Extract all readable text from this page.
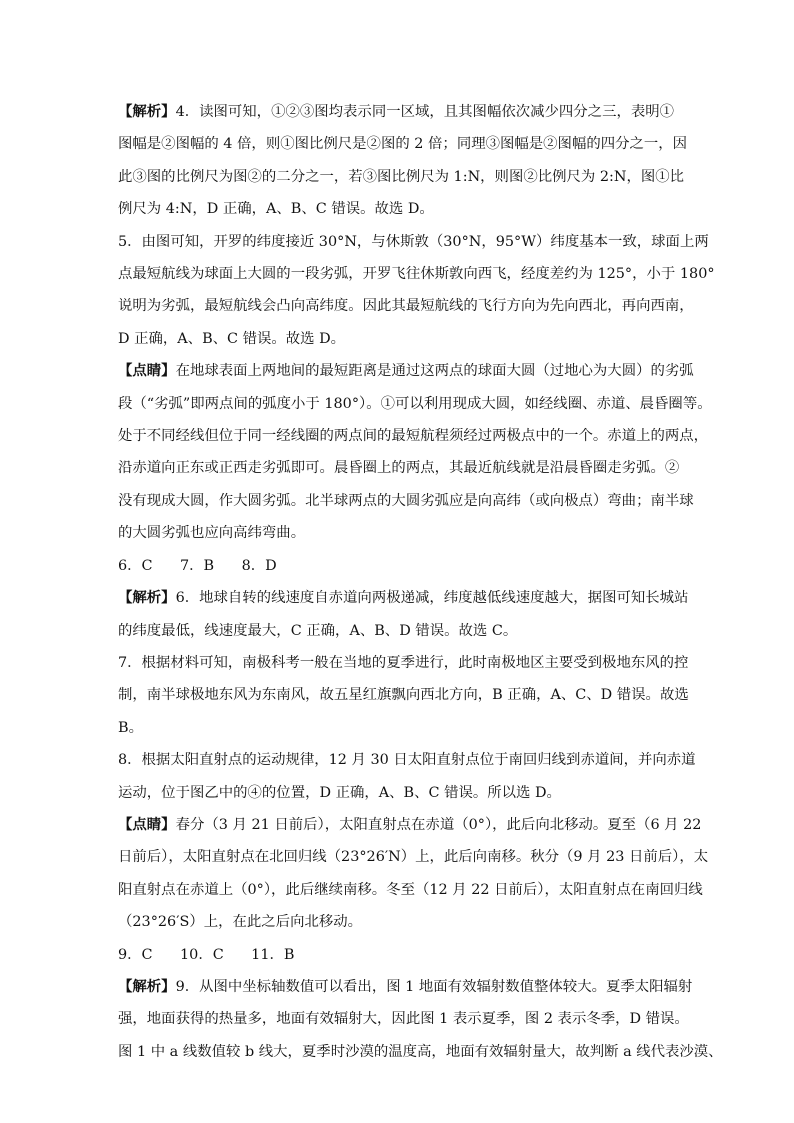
【解析】4．读图可知，①②③图均表示同一区域，且其图幅依次减少四分之三，表明①
图幅是②图幅的 4 倍，则①图比例尺是②图的 2 倍；同理③图幅是②图幅的四分之一，因
此③图的比例尺为图②的二分之一，若③图比例尺为 1:N，则图②比例尺为 2:N，图①比
例尺为 4:N，D 正确，A、B、C 错误。故选 D。

5．由图可知，开罗的纬度接近 30°N，与休斯敦（30°N，95°W）纬度基本一致，球面上两
点最短航线为球面上大圆的一段劣弧，开罗飞往休斯敦向西飞，经度差约为 125°，小于 180°
说明为劣弧，最短航线会凸向高纬度。因此其最短航线的飞行方向为先向西北，再向西南，
D 正确，A、B、C 错误。故选 D。

【点睛】在地球表面上两地间的最短距离是通过这两点的球面大圆（过地心为大圆）的劣弧
段（“劣弧”即两点间的弧度小于 180°）。①可以利用现成大圆，如经线圈、赤道、晨昏圈等。
处于不同经线但位于同一经线圈的两点间的最短航程须经过两极点中的一个。赤道上的两点，
沿赤道向正东或正西走劣弧即可。晨昏圈上的两点，其最近航线就是沿晨昏圈走劣弧。②
没有现成大圆，作大圆劣弧。北半球两点的大圆劣弧应是向高纬（或向极点）弯曲；南半球
的大圆劣弧也应向高纬弯曲。

6．C      7．B      8．D

【解析】6．地球自转的线速度自赤道向两极递减，纬度越低线速度越大，据图可知长城站
的纬度最低，线速度最大，C 正确，A、B、D 错误。故选 C。

7．根据材料可知，南极科考一般在当地的夏季进行，此时南极地区主要受到极地东风的控
制，南半球极地东风为东南风，故五星红旗飘向西北方向，B 正确，A、C、D 错误。故选
B。

8．根据太阳直射点的运动规律，12 月 30 日太阳直射点位于南回归线到赤道间，并向赤道
运动，位于图乙中的④的位置，D 正确，A、B、C 错误。所以选 D。

【点睛】春分（3 月 21 日前后），太阳直射点在赤道（0°），此后向北移动。夏至（6 月 22
日前后），太阳直射点在北回归线（23°26′N）上，此后向南移。秋分（9 月 23 日前后），太
阳直射点在赤道上（0°），此后继续南移。冬至（12 月 22 日前后），太阳直射点在南回归线
（23°26′S）上，在此之后向北移动。

9．C      10．C      11．B

【解析】9．从图中坐标轴数值可以看出，图 1 地面有效辐射数值整体较大。夏季太阳辐射
强，地面获得的热量多，地面有效辐射大，因此图 1 表示夏季，图 2 表示冬季，D 错误。
图 1 中 a 线数值较 b 线大，夏季时沙漠的温度高，地面有效辐射量大，故判断 a 线代表沙漠、
